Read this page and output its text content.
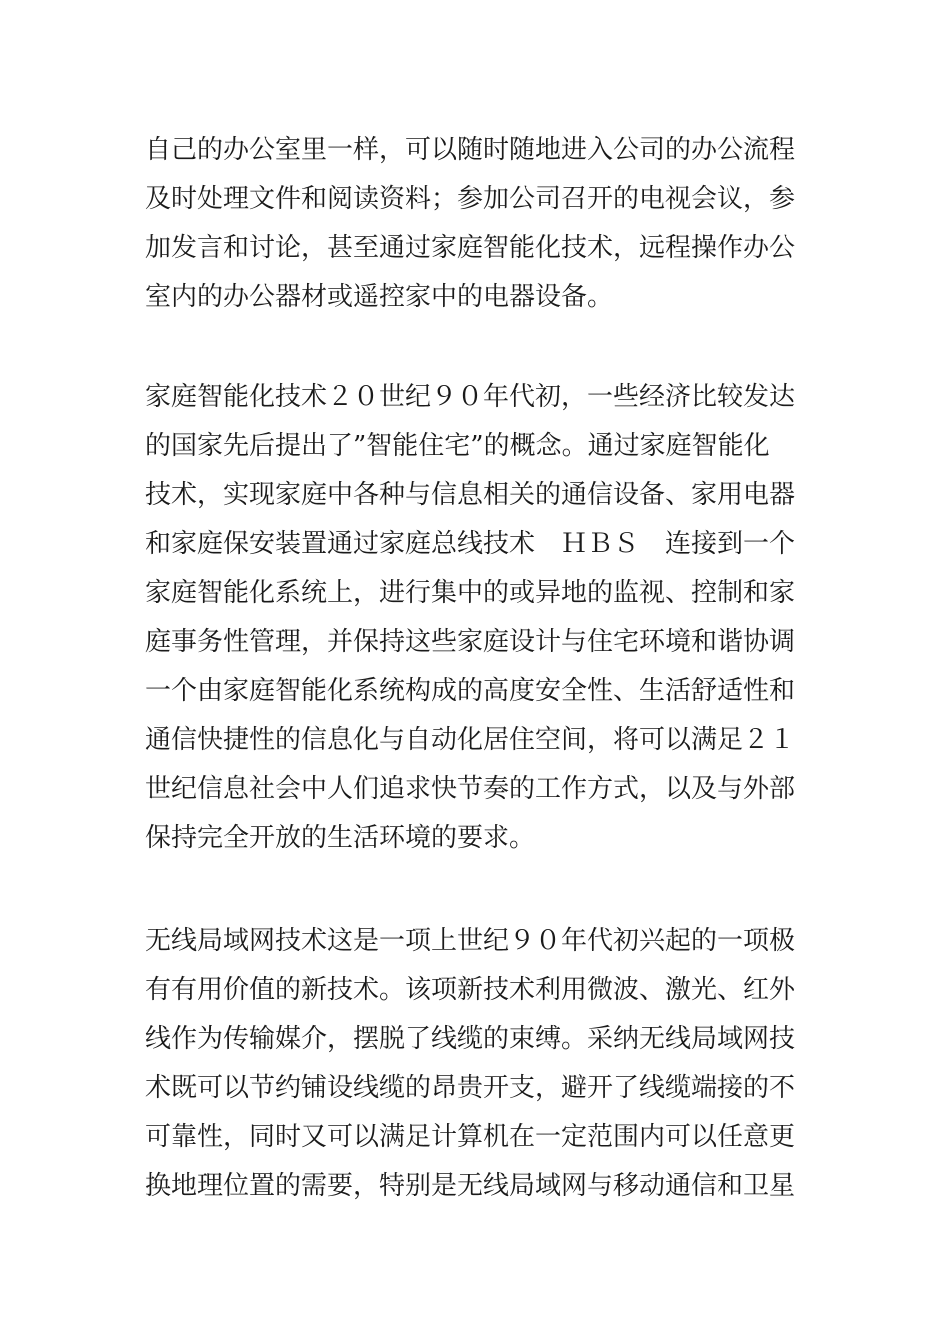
自己的办公室里一样，可以随时随地进入公司的办公流程
及时处理文件和阅读资料；参加公司召开的电视会议，参
加发言和讨论，甚至通过家庭智能化技术，远程操作办公
室内的办公器材或遥控家中的电器设备。
家庭智能化技术２０世纪９０年代初，一些经济比较发达
的国家先后提出了”智能住宅”的概念。通过家庭智能化
技术，实现家庭中各种与信息相关的通信设备、家用电器
和家庭保安装置通过家庭总线技术　ＨＢＳ　连接到一个
家庭智能化系统上，进行集中的或异地的监视、控制和家
庭事务性管理，并保持这些家庭设计与住宅环境和谐协调
一个由家庭智能化系统构成的高度安全性、生活舒适性和
通信快捷性的信息化与自动化居住空间，将可以满足２１
世纪信息社会中人们追求快节奏的工作方式，以及与外部
保持完全开放的生活环境的要求。
无线局域网技术这是一项上世纪９０年代初兴起的一项极
有有用价值的新技术。该项新技术利用微波、激光、红外
线作为传输媒介，摆脱了线缆的束缚。采纳无线局域网技
术既可以节约铺设线缆的昂贵开支，避开了线缆端接的不
可靠性，同时又可以满足计算机在一定范围内可以任意更
换地理位置的需要，特别是无线局域网与移动通信和卫星
